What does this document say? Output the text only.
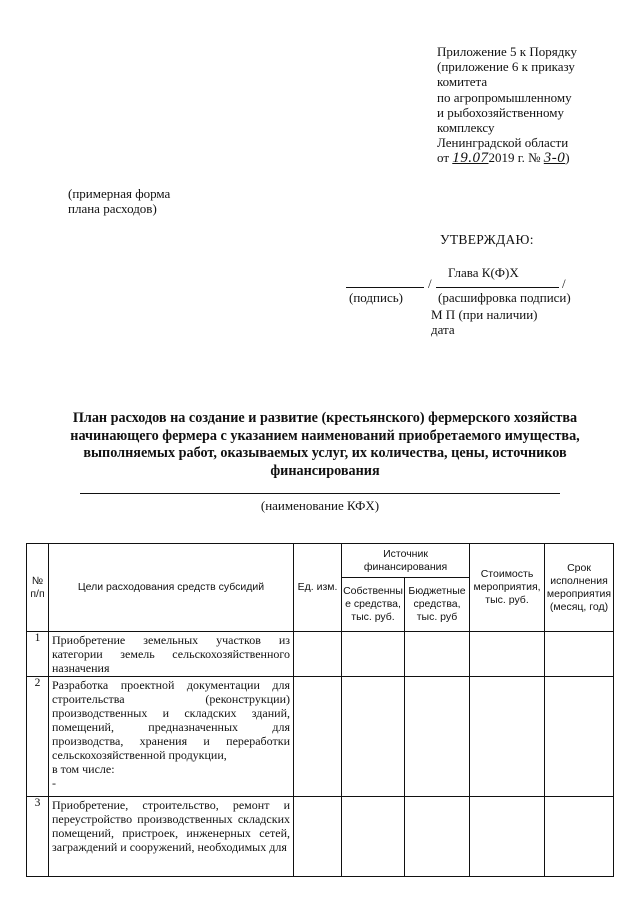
Приложение 5 к Порядку
(приложение 6 к приказу
комитета
по агропромышленному
и рыбохозяйственному
комплексу
Ленинградской области
от 19.072019 г. № 3-0)
(примерная форма
плана расходов)
УТВЕРЖДАЮ:
Глава К(Ф)Х
/	/
(подпись)	(расшифровка подписи)
М П (при наличии)
дата
План расходов на создание и развитие (крестьянского) фермерского хозяйства
начинающего фермера с указанием наименований приобретаемого имущества,
выполняемых работ, оказываемых услуг, их количества, цены, источников
финансирования
(наименование КФХ)
№ п/п	Цели расходования средств субсидий	Ед. изм.	Источник финансирования		Стоимость мероприятия, тыс. руб.	Срок исполнения мероприятия (месяц, год)
			Собственные средства, тыс. руб.	Бюджетные средства, тыс. руб		
1	Приобретение земельных участков из категории земель сельскохозяйственного назначения					
2	Разработка проектной документации для строительства (реконструкции) производственных и складских зданий, помещений, предназначенных для производства, хранения и переработки сельскохозяйственной продукции,
в том числе:
-					

3	Приобретение, строительство, ремонт и переустройство производственных складских помещений, пристроек, инженерных сетей, заграждений и сооружений, необходимых для					
